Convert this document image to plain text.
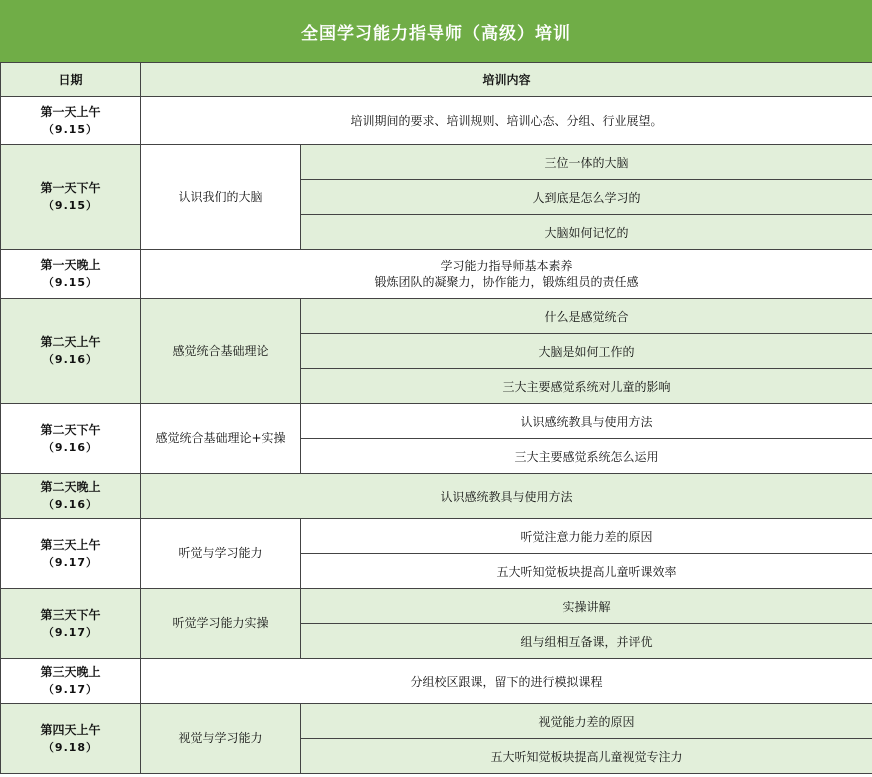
全国学习能力指导师（高级）培训
日期	培训内容	
第一天上午
（9.15）	培训期间的要求、培训规则、培训心态、分组、行业展望。	
第一天下午
（9.15）	认识我们的大脑	三位一体的大脑
		人到底是怎么学习的
		大脑如何记忆的
第一天晚上
（9.15）	学习能力指导师基本素养
锻炼团队的凝聚力，协作能力，锻炼组员的责任感	

第二天上午
（9.16）	感觉统合基础理论	什么是感觉统合
		大脑是如何工作的
		三大主要感觉系统对儿童的影响
第二天下午
（9.16）	感觉统合基础理论+实操	认识感统教具与使用方法
		三大主要感觉系统怎么运用
第二天晚上
（9.16）	认识感统教具与使用方法	
第三天上午
（9.17）	听觉与学习能力	听觉注意力能力差的原因
		五大听知觉板块提高儿童听课效率
第三天下午
（9.17）	听觉学习能力实操	实操讲解
		组与组相互备课，并评优
第三天晚上
（9.17）	分组校区跟课，留下的进行模拟课程	
第四天上午
（9.18）	视觉与学习能力	视觉能力差的原因
		五大听知觉板块提高儿童视觉专注力
